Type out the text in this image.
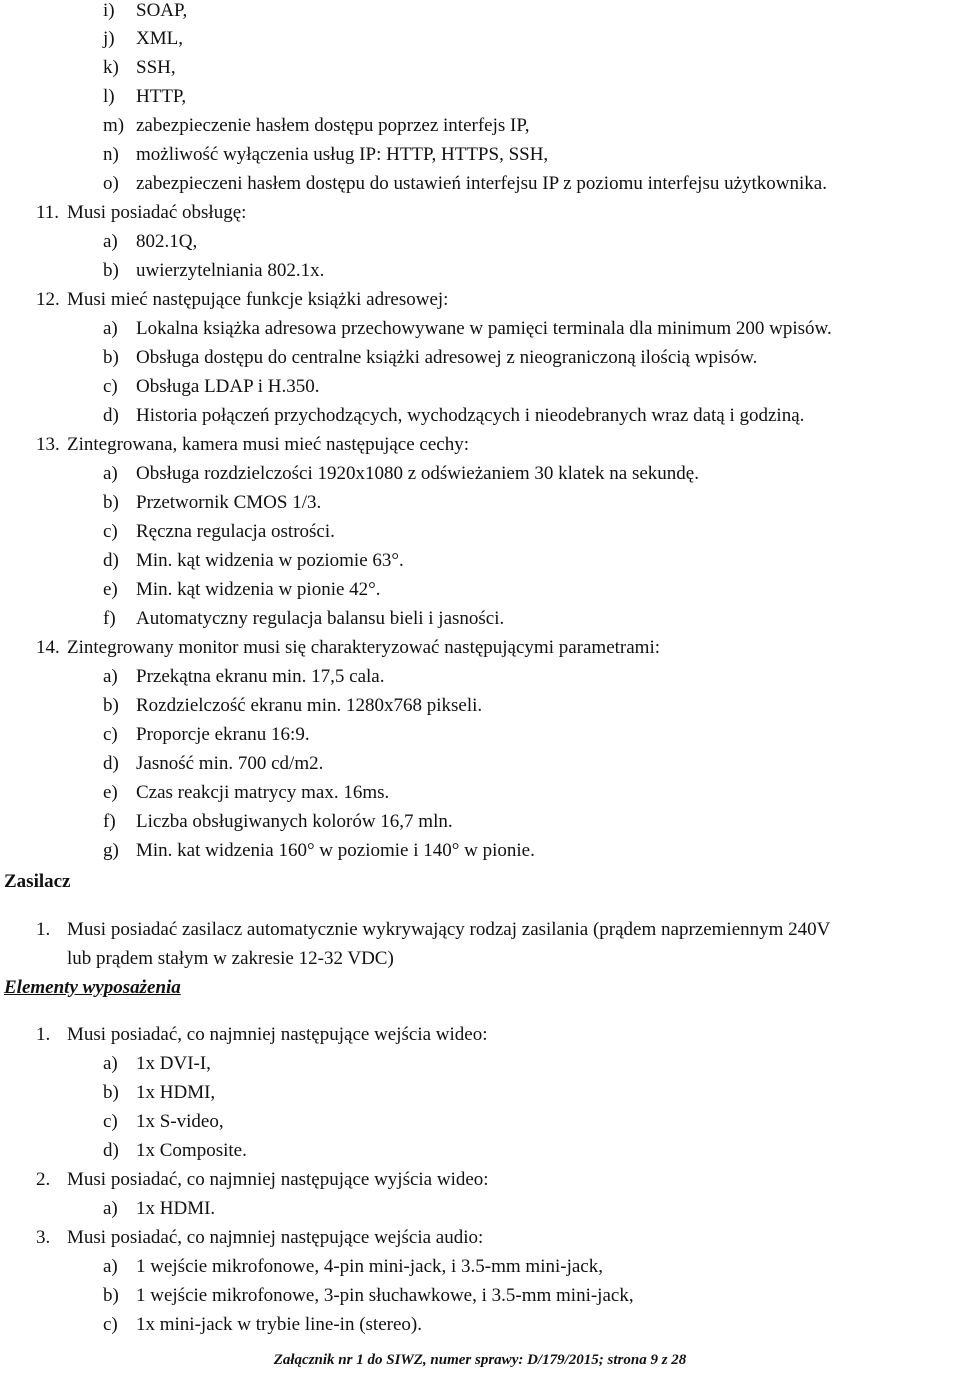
i) SOAP,
j) XML,
k) SSH,
l) HTTP,
m) zabezpieczenie hasłem dostępu poprzez interfejs IP,
n) możliwość wyłączenia usług IP: HTTP, HTTPS, SSH,
o) zabezpieczeni hasłem dostępu do ustawień interfejsu IP z poziomu interfejsu użytkownika.
11. Musi posiadać obsługę:
a) 802.1Q,
b) uwierzytelniania 802.1x.
12. Musi mieć następujące funkcje książki adresowej:
a) Lokalna książka adresowa przechowywane w pamięci terminala dla minimum 200 wpisów.
b) Obsługa dostępu do centralne książki adresowej z nieograniczoną ilością wpisów.
c) Obsługa LDAP i H.350.
d) Historia połączeń przychodzących, wychodzących i nieodebranych wraz datą i godziną.
13. Zintegrowana, kamera musi mieć następujące cechy:
a) Obsługa rozdzielczości 1920x1080 z odświeżaniem 30 klatek na sekundę.
b) Przetwornik CMOS 1/3.
c) Ręczna regulacja ostrości.
d) Min. kąt widzenia w poziomie 63°.
e) Min. kąt widzenia w pionie 42°.
f) Automatyczny regulacja balansu bieli i jasności.
14. Zintegrowany monitor musi się charakteryzować następującymi parametrami:
a) Przekątna ekranu min. 17,5 cala.
b) Rozdzielczość ekranu min. 1280x768 pikseli.
c) Proporcje ekranu 16:9.
d) Jasność min. 700 cd/m2.
e) Czas reakcji matrycy max. 16ms.
f) Liczba obsługiwanych kolorów 16,7 mln.
g) Min. kat widzenia 160° w poziomie i 140° w pionie.
Zasilacz
1. Musi posiadać zasilacz automatycznie wykrywający rodzaj zasilania (prądem naprzemiennym 240V
lub prądem stałym w zakresie 12-32 VDC)
Elementy wyposażenia
1. Musi posiadać, co najmniej następujące wejścia wideo:
a) 1x DVI-I,
b) 1x HDMI,
c) 1x S-video,
d) 1x Composite.
2. Musi posiadać, co najmniej następujące wyjścia wideo:
a) 1x HDMI.
3. Musi posiadać, co najmniej następujące wejścia audio:
a) 1 wejście mikrofonowe, 4-pin mini-jack, i 3.5-mm mini-jack,
b) 1 wejście mikrofonowe, 3-pin słuchawkowe, i 3.5-mm mini-jack,
c) 1x mini-jack w trybie line-in (stereo).
Załącznik nr 1 do SIWZ, numer sprawy: D/179/2015; strona 9 z 28
